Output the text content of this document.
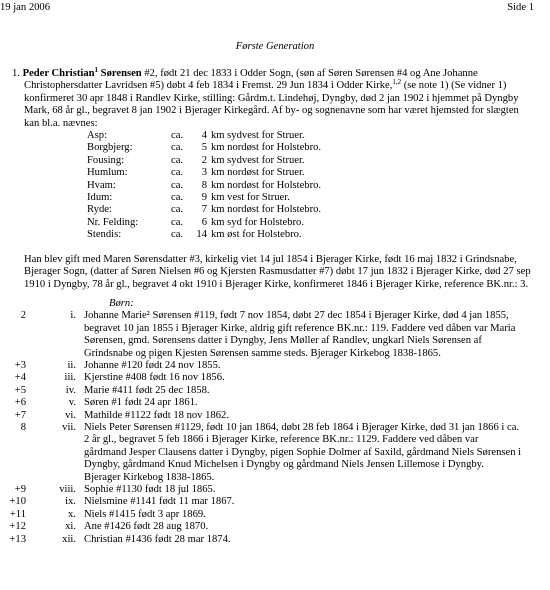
19 jan 2006	Side 1
Første Generation

1. Peder Christian$^1$ Sørensen #2, født 21 dec 1833 i Odder Sogn, (søn af Søren Sørensen #4 og Ane Johanne Christophersdatter Lavridsen #5) døbt 4 feb 1834 i Fremst. 29 Jun 1834 i Odder Kirke,$^{1,2}$ (se note 1) (Se vidner 1) konfirmeret 30 apr 1848 i Randlev Kirke, stilling: Gårdm.t. Lindehøj, Dyngby, død 2 jan 1902 i hjemmet på Dyngby Mark, 68 år gl., begravet 8 jan 1902 i Bjerager Kirkegård. Af by- og sognenavne som har været hjemsted for slægten kan bl.a. nævnes:

Asp:	ca.	4	km sydvest for Struer.
Borgbjerg:	ca.	5	km nordøst for Holstebro.
Fousing:	ca.	2	km sydvest for Struer.
Humlum:	ca.	3	km nordøst for Struer.
Hvam:	ca.	8	km nordøst for Holstebro.
Idum:	ca.	9	km vest for Struer.
Ryde:	ca.	7	km nordøst for Holstebro.
Nr. Felding:	ca.	6	km syd for Holstebro.
Stendis:	ca.	14	km øst for Holstebro.

Han blev gift med Maren Sørensdatter #3, kirkelig viet 14 jul 1854 i Bjerager Kirke, født 16 maj 1832 i Grindsnabe, Bjerager Sogn, (datter af Søren Nielsen #6 og Kjersten Rasmusdatter #7) døbt 17 jun 1832 i Bjerager Kirke, død 27 sep 1910 i Dyngby, 78 år gl., begravet 4 okt 1910 i Bjerager Kirke, konfirmeret 1846 i Bjerager Kirke, reference BK.nr.: 3.

Børn:

2	i.	Johanne Marie² Sørensen #119, født 7 nov 1854, døbt 27 dec 1854 i Bjerager Kirke, død 4 jan 1855, begravet 10 jan 1855 i Bjerager Kirke, aldrig gift reference BK.nr.: 119. Faddere ved dåben var Maria Sørensen, gmd. Sørensens datter i Dyngby, Jens Møller af Randlev, ungkarl Niels Sørensen af Grindsnabe og pigen Kjesten Sørensen samme steds. Bjerager Kirkebog 1838-1865.
+3	ii.	Johanne #120 født 24 nov 1855.
+4	iii.	Kjerstine #408 født 16 nov 1856.
+5	iv.	Marie #411 født 25 dec 1858.
+6	v.	Søren #1 født 24 apr 1861.
+7	vi.	Mathilde #1122 født 18 nov 1862.
8	vii.	Niels Peter Sørensen #1129, født 10 jan 1864, døbt 28 feb 1864 i Bjerager Kirke, død 31 jan 1866 i ca. 2 år gl., begravet 5 feb 1866 i Bjerager Kirke, reference BK.nr.: 1129. Faddere ved dåben var gårdmand Jesper Clausens datter i Dyngby, pigen Sophie Dolmer af Saxild, gårdmand Niels Sørensen i Dyngby, gårdmand Knud Michelsen i Dyngby og gårdmand Niels Jensen Lillemose i Dyngby. Bjerager Kirkebog 1838-1865.
+9	viii.	Sophie #1130 født 18 jul 1865.
+10	ix.	Nielsmine #1141 født 11 mar 1867.
+11	x.	Niels #1415 født 3 apr 1869.
+12	xi.	Ane #1426 født 28 aug 1870.
+13	xii.	Christian #1436 født 28 mar 1874.
